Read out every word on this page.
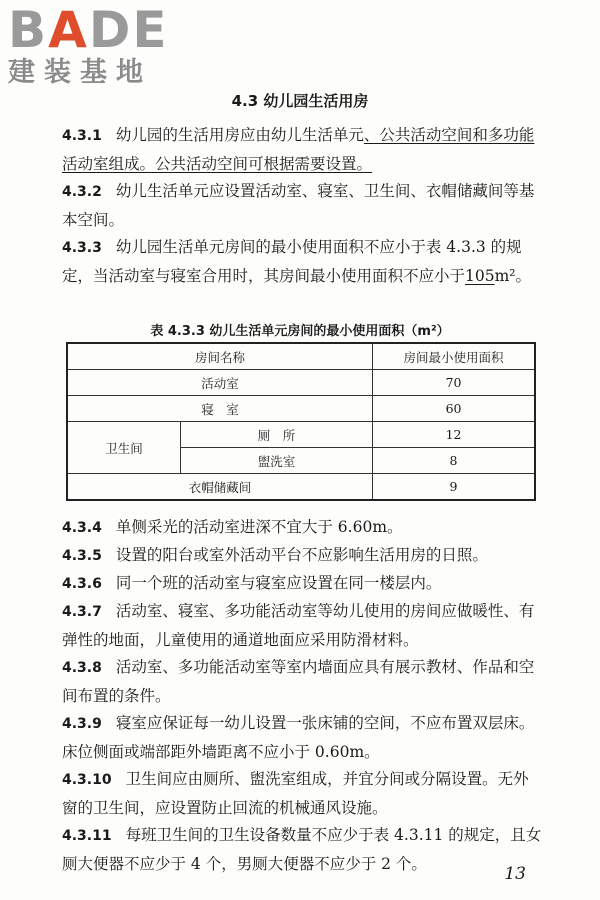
BADE
建装基地
4.3 幼儿园生活用房
4.3.1 幼儿园的生活用房应由幼儿生活单元、公共活动空间和多功能活动室组成。公共活动空间可根据需要设置。
4.3.2 幼儿生活单元应设置活动室、寝室、卫生间、衣帽储藏间等基本空间。
4.3.3 幼儿园生活单元房间的最小使用面积不应小于表 4.3.3 的规定，当活动室与寝室合用时，其房间最小使用面积不应小于105m²。
表 4.3.3 幼儿生活单元房间的最小使用面积（m²）
房间名称		房间最小使用面积
活动室		70
寝　室		60
卫生间	厕　所	12
	盥洗室	8
衣帽储藏间		9
4.3.4 单侧采光的活动室进深不宜大于 6.60m。
4.3.5 设置的阳台或室外活动平台不应影响生活用房的日照。
4.3.6 同一个班的活动室与寝室应设置在同一楼层内。
4.3.7 活动室、寝室、多功能活动室等幼儿使用的房间应做暖性、有弹性的地面，儿童使用的通道地面应采用防滑材料。
4.3.8 活动室、多功能活动室等室内墙面应具有展示教材、作品和空间布置的条件。
4.3.9 寝室应保证每一幼儿设置一张床铺的空间，不应布置双层床。床位侧面或端部距外墙距离不应小于 0.60m。
4.3.10 卫生间应由厕所、盥洗室组成，并宜分间或分隔设置。无外窗的卫生间，应设置防止回流的机械通风设施。
4.3.11 每班卫生间的卫生设备数量不应少于表 4.3.11 的规定，且女厕大便器不应少于 4 个，男厕大便器不应少于 2 个。	13
